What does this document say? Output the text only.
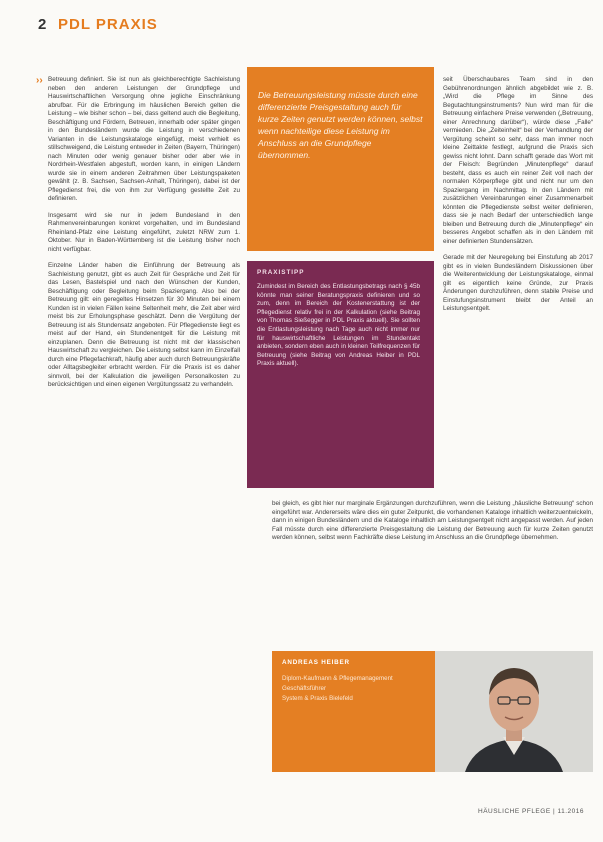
2 PDL PRAXIS
›› Betreuung definiert. Sie ist nun als gleichberechtigte Sachleistung neben den anderen Leistungen der Grundpflege und Hauswirtschaftlichen Versorgung ohne jegliche Einschränkung abrufbar. Für die Erbringung im häuslichen Bereich gelten die Leistung – wie bisher schon – bei, dass geltend auch die Begleitung, Beschäftigung und Fördern, Betreuen, innerhalb oder später gingen in den Bundesländern wurde die Leistung in verschiedenen Varianten in die Leistungskataloge eingefügt, meist verhielt es stillschweigend, die Leistung entweder in Zeiten (Bayern, Thüringen) nach Minuten oder wenig genauer bisher oder aber wie in Nordrhein-Westfalen abgestuft, worden kann, in einigen Ländern wurde sie in einem anderen Zeitrahmen über Leistungspaketen gewählt (z. B. Sachsen, Sachsen-Anhalt, Thüringen), dabei ist der Pflegedienst frei, die von ihm zur Verfügung gestellte Zeit zu definieren.

Insgesamt wird sie nur in jedem Bundesland in den Rahmenvereinbarungen konkret vorgehalten, und im Bundesland Rheinland-Pfalz eine Leistung eingeführt, zuletzt NRW zum 1. Oktober. Nur in Baden-Württemberg ist die Leistung bisher noch nicht verfügbar.

Einzelne Länder haben die Einführung der Betreuung als Sachleistung genutzt, gibt es auch Zeit für Gespräche und Zeit für das Lesen, Bastelspiel und nach den Wünschen der Kunden, Beschäftigung oder Begleitung beim Spaziergang. Also bei der Betreuung gilt: ein geregeltes Hinsetzen für 30 Minuten bei einem Kunden ist in vielen Fällen keine Seltenheit mehr, die Zeit aber wird meist bis zur Erholungsphase geschätzt. Denn die Vergütung der Betreuung ist als Stundensatz angeboten. Für Pflegedienste liegt es meist auf der Hand, ein Stundenentgelt für die Leistung mit einzuplanen. Denn die Betreuung ist nicht mit der klassischen Hauswirtschaft zu vergleichen. Die Leistung selbst kann im Einzelfall durch eine Pflegefachkraft, häufig aber auch durch Betreuungskräfte oder Alltagsbegleiter erbracht werden. Für die Praxis ist es daher sinnvoll, bei der Kalkulation die jeweiligen Personalkosten zu berücksichtigen und einen eigenen Vergütungssatz zu verhandeln.

Die Betreuungsleistung müsste durch eine differenzierte Preisgestaltung auch für kurze Zeiten genutzt werden können, selbst wenn nachteilige diese Leistung im Anschluss an die Grundpflege übernommen.
PRAXISTIPP
Zumindest im Bereich des Entlastungsbetrags nach § 45b könnte man seiner Beratungspraxis definieren und so zum, denn im Bereich der Kostenerstattung ist der Pflegedienst relativ frei in der Kalkulation (siehe Beitrag von Thomas Sießegger in PDL Praxis aktuell). Sie sollten die Entlastungsleistung nach Tage auch nicht immer nur für hauswirtschaftliche Leistungen im Stundentakt anbieten, sondern eben auch in kleinen Teilfrequenzen für Betreuung (siehe Beitrag von Andreas Heiber in PDL Praxis aktuell).

seit Überschaubares Team sind in den Gebührenordnungen ähnlich abgebildet wie z. B. „Wird die Pflege im Sinne des Begutachtungsinstruments? Nun wird man für die Betreuung einfachere Preise verwenden („Betreuung, einer Anrechnung darüber“), würde diese „Falle“ vermieden. Die „Zeiteinheit“ bei der Verhandlung der Vergütung scheint so sehr, dass man immer noch kleine Zeittakte festlegt, aufgrund die Praxis sich gewiss nicht lohnt. Dann schafft gerade das Wort mit der Fleisch: Begründen „Minutenpflege“ darauf besteht, dass es auch ein reiner Zeit voll nach der normalen Körperpflege gibt und nicht nur um den Spaziergang im Nachmittag. In den Ländern mit zusätzlichen Vereinbarungen einer Zusammenarbeit könnten die Pflegedienste selbst weiter definieren, dass sie je nach Bedarf der unterschiedlich lange bleiben und Betreuung durch die „Minutenpflege“ ein besseres Angebot schaffen als in den Ländern mit einer definierten Stundensätzen.

Gerade mit der Neuregelung bei Einstufung ab 2017 gibt es in vielen Bundesländern Diskussionen über die Weiterentwicklung der Leistungskataloge, einmal gilt es eigentlich keine Gründe, zur Praxis Änderungen durchzuführen, denn stabile Preise und Einstufungsinstrument bleibt der Anteil an Leistungsentgelt.

bei gleich, es gibt hier nur marginale Ergänzungen durchzuführen, wenn die Leistung „häusliche Betreuung“ schon eingeführt war. Andererseits wäre dies ein guter Zeitpunkt, die vorhandenen Kataloge inhaltlich weiterzuentwickeln, dann in einigen Bundesländern und die Kataloge inhaltlich am Leistungsentgelt nicht angepasst werden. Auf jeden Fall müsste durch eine differenzierte Preisgestaltung die Leistung der Betreuung auch für kurze Zeiten genutzt werden können, selbst wenn Fachkräfte diese Leistung im Anschluss an die Grundpflege übernehmen.

ANDREAS HEIBER
Diplom-Kaufmann & Pflegemanagement
Geschäftsführer
System & Praxis Bielefeld
HÄUSLICHE PFLEGE | 11.2016
